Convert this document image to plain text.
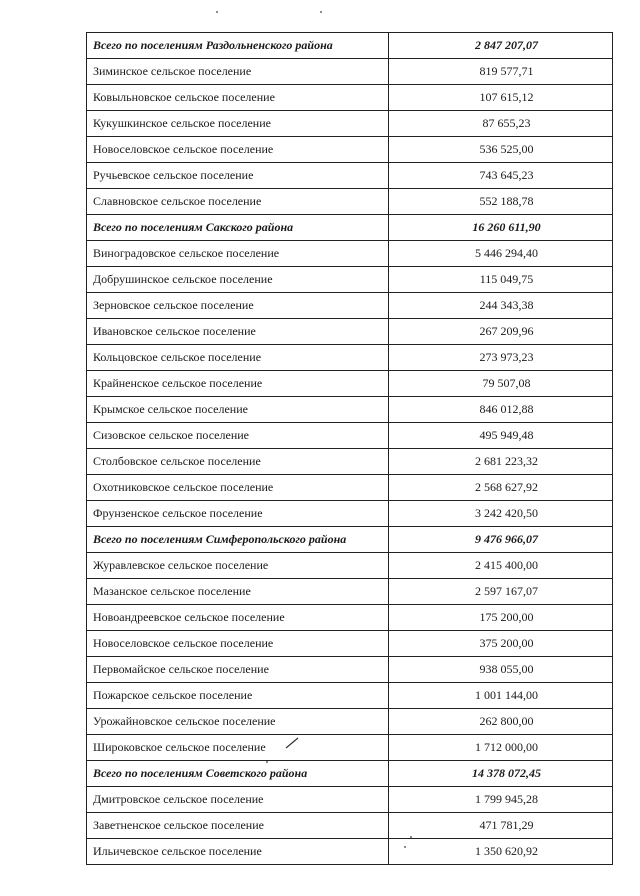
Всего по поселениям Раздольненского района	2 847 207,07
Зиминское сельское поселение	819 577,71
Ковыльновское сельское поселение	107 615,12
Кукушкинское сельское поселение	87 655,23
Новоселовское сельское поселение	536 525,00
Ручьевское сельское поселение	743 645,23
Славновское сельское поселение	552 188,78
Всего по поселениям Сакского района	16 260 611,90
Виноградовское сельское поселение	5 446 294,40
Добрушинское сельское поселение	115 049,75
Зерновское сельское поселение	244 343,38
Ивановское сельское поселение	267 209,96
Кольцовское сельское поселение	273 973,23
Крайненское сельское поселение	79 507,08
Крымское сельское поселение	846 012,88
Сизовское сельское поселение	495 949,48
Столбовское сельское поселение	2 681 223,32
Охотниковское сельское поселение	2 568 627,92
Фрунзенское сельское поселение	3 242 420,50
Всего по поселениям Симферопольского района	9 476 966,07
Журавлевское сельское поселение	2 415 400,00
Мазанское сельское поселение	2 597 167,07
Новоандреевское сельское поселение	175 200,00
Новоселовское сельское поселение	375 200,00
Первомайское сельское поселение	938 055,00
Пожарское сельское поселение	1 001 144,00
Урожайновское сельское поселение	262 800,00
Широковское сельское поселение	1 712 000,00
Всего по поселениям Советского района	14 378 072,45
Дмитровское сельское поселение	1 799 945,28
Заветненское сельское поселение	471 781,29
Ильичевское сельское поселение	1 350 620,92
